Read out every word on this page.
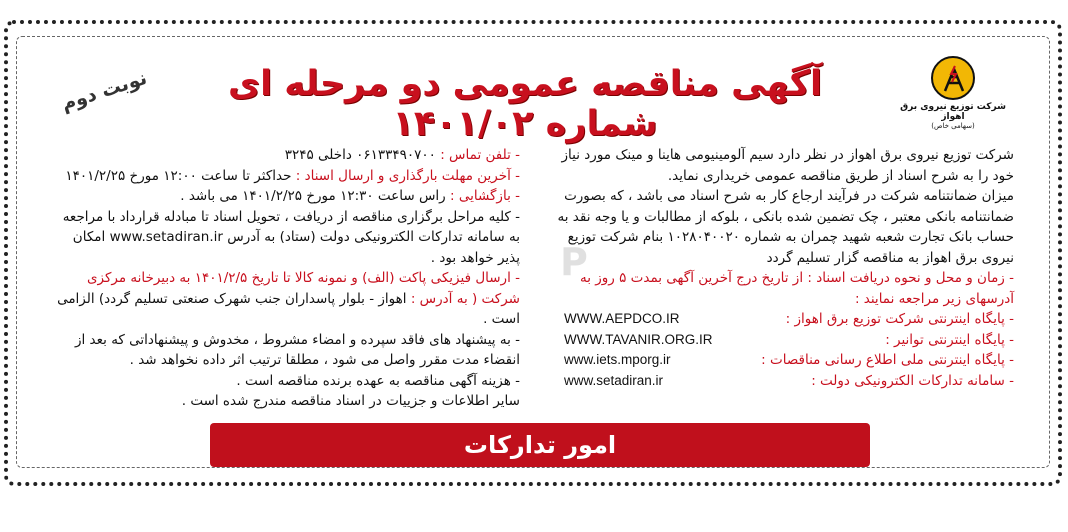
P
شرکت توزیع نیروی برق اهواز
(سهامی خاص)
آگهی مناقصه عمومی دو مرحله ای شماره ۱۴۰۱/۰۲
نوبت دوم

شرکت توزیع نیروی برق اهواز در نظر دارد سیم آلومینیومی هاینا و مینک مورد نیاز خود را به شرح اسناد از طریق مناقصه عمومی خریداری نماید.

میزان ضمانتنامه شرکت در فرآیند ارجاع کار به شرح اسناد می باشد ، که بصورت ضمانتنامه بانکی معتبر ، چک تضمین شده بانکی ، بلوکه از مطالبات و یا وجه نقد به حساب بانک تجارت شعبه شهید چمران به شماره ۱۰۲۸۰۴۰۰۲۰ بنام شرکت توزیع نیروی برق اهواز به مناقصه گزار تسلیم گردد

- زمان و محل و نحوه دریافت اسناد : از تاریخ درج آخرین آگهی بمدت ۵ روز به آدرسهای زیر مراجعه نمایند :

- پایگاه اینترنتی شرکت توزیع برق اهواز :
WWW.AEPDCO.IR
- پایگاه اینترنتی توانیر :
WWW.TAVANIR.ORG.IR
- پایگاه اینترنتی ملی اطلاع رسانی مناقصات :
www.iets.mporg.ir
- سامانه تدارکات الکترونیکی دولت :
www.setadiran.ir

- تلفن تماس : ۰۶۱۳۳۴۹۰۷۰۰ داخلی ۳۲۴۵

- آخرین مهلت بارگذاری و ارسال اسناد : حداکثر تا ساعت ۱۲:۰۰ مورخ ۱۴۰۱/۲/۲۵

- بازگشایی : راس ساعت ۱۲:۳۰ مورخ ۱۴۰۱/۲/۲۵ می باشد .

- کلیه مراحل برگزاری مناقصه از دریافت ، تحویل اسناد تا مبادله قرارداد با مراجعه به سامانه تدارکات الکترونیکی دولت (ستاد) به آدرس www.setadiran.ir امکان پذیر خواهد بود .

- ارسال فیزیکی پاکت (الف) و نمونه کالا تا تاریخ ۱۴۰۱/۲/۵ به دبیرخانه مرکزی شرکت ( به آدرس : اهواز - بلوار پاسداران جنب شهرک صنعتی تسلیم گردد) الزامی است .

- به پیشنهاد های فاقد سپرده و امضاء مشروط ، مخدوش و پیشنهاداتی که بعد از انقضاء مدت مقرر واصل می شود ، مطلقا ترتیب اثر داده نخواهد شد .

- هزینه آگهی مناقصه به عهده برنده مناقصه است .

سایر اطلاعات و جزییات در اسناد مناقصه مندرج شده است .

امور تدارکات
